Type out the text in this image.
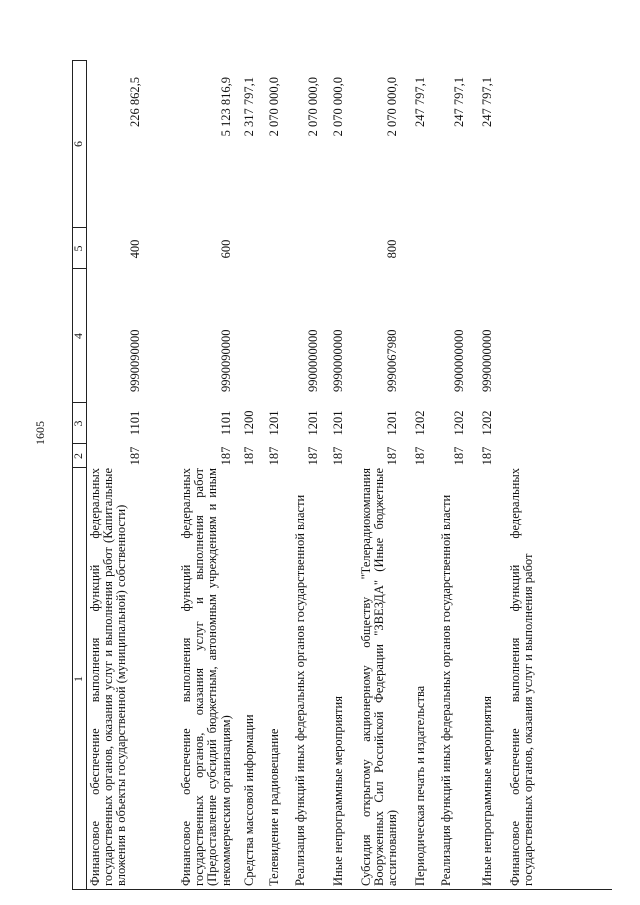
1605
1
2
3
4
5
6
Финансовое обеспечение выполнения функций федеральных государственных органов, оказания услуг и выполнения работ (Капитальные вложения в объекты государственной (муниципальной) собственности)
187
1101
9990090000
400
226 862,5
Финансовое обеспечение выполнения функций федеральных государственных органов, оказания услуг и выполнения работ (Предоставление субсидий бюджетным, автономным учреждениям и иным некоммерческим организациям)
187
1101
9990090000
600
5 123 816,9
Средства массовой информации
187
1200
2 317 797,1
Телевидение и радиовещание
187
1201
2 070 000,0
Реализация функций иных федеральных органов государственной власти
187
1201
9900000000
2 070 000,0
Иные непрограммные мероприятия
187
1201
9990000000
2 070 000,0
Субсидия открытому акционерному обществу "Телерадиокомпания Вооруженных Сил Российской Федерации "ЗВЕЗДА" (Иные бюджетные ассигнования)
187
1201
9990067980
800
2 070 000,0
Периодическая печать и издательства
187
1202
247 797,1
Реализация функций иных федеральных органов государственной власти
187
1202
9900000000
247 797,1
Иные непрограммные мероприятия
187
1202
9990000000
247 797,1
Финансовое обеспечение выполнения функций федеральных государственных органов, оказания услуг и выполнения работ
